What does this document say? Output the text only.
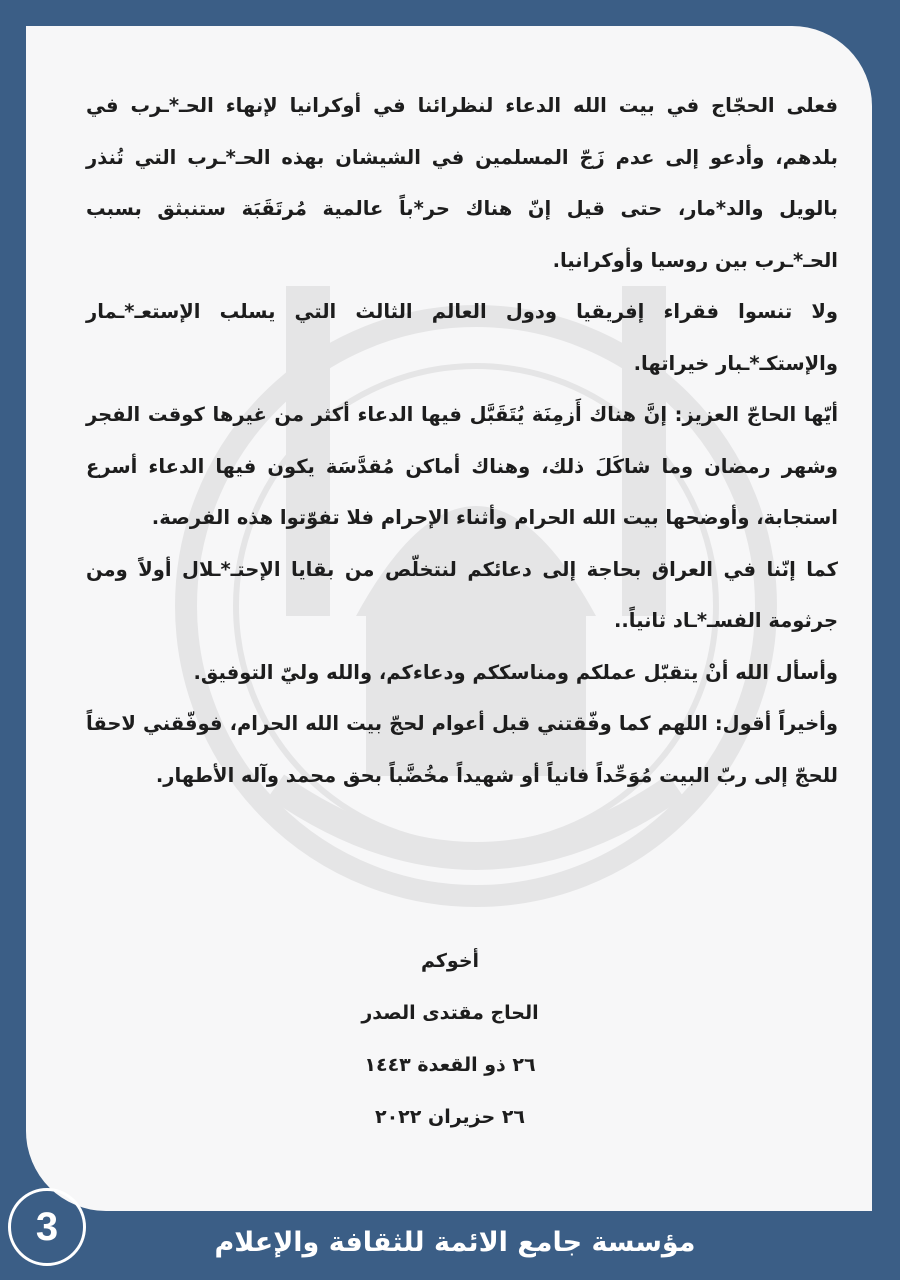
فعلى الحجّاج في بيت الله الدعاء لنظرائنا في أوكرانيا لإنهاء الحـ*ـرب في بلدهم، وأدعو إلى عدم زَجّ المسلمين في الشيشان بهذه الحـ*ـرب التي تُنذر بالويل والد*مار، حتى قيل إنّ هناك حر*باً عالمية مُرتَقَبَة ستنبثق بسبب الحـ*ـرب بين روسيا وأوكرانيا.

ولا تنسوا فقراء إفريقيا ودول العالم الثالث التي يسلب الإستعـ*ـمار والإستكـ*ـبار خيراتها.

أيّها الحاجّ العزيز: إنَّ هناك أَزمِنَة يُتَقَبَّل فيها الدعاء أكثر من غيرها كوقت الفجر وشهر رمضان وما شاكَلَ ذلك، وهناك أماكن مُقدَّسَة يكون فيها الدعاء أسرع استجابة، وأوضحها بيت الله الحرام وأثناء الإحرام فلا تفوّتوا هذه الفرصة.

كما إنّنا في العراق بحاجة إلى دعائكم لنتخلّص من بقايا الإحتـ*ـلال أولاً ومن جرثومة الفسـ*ـاد ثانياً..

وأسأل الله أنْ يتقبّل عملكم ومناسككم ودعاءكم، والله وليّ التوفيق.

وأخيراً أقول: اللهم كما وفّقتني قبل أعوام لحجّ بيت الله الحرام، فوفّقني لاحقاً للحجّ إلى ربّ البيت مُوَحِّداً فانياً أو شهيداً مخُضَّباً بحق محمد وآله الأطهار.

أخوكم
الحاج مقتدى الصدر
٢٦ ذو القعدة ١٤٤٣
٢٦ حزيران ٢٠٢٢
3	مؤسسة جامع الائمة للثقافة والإعلام
